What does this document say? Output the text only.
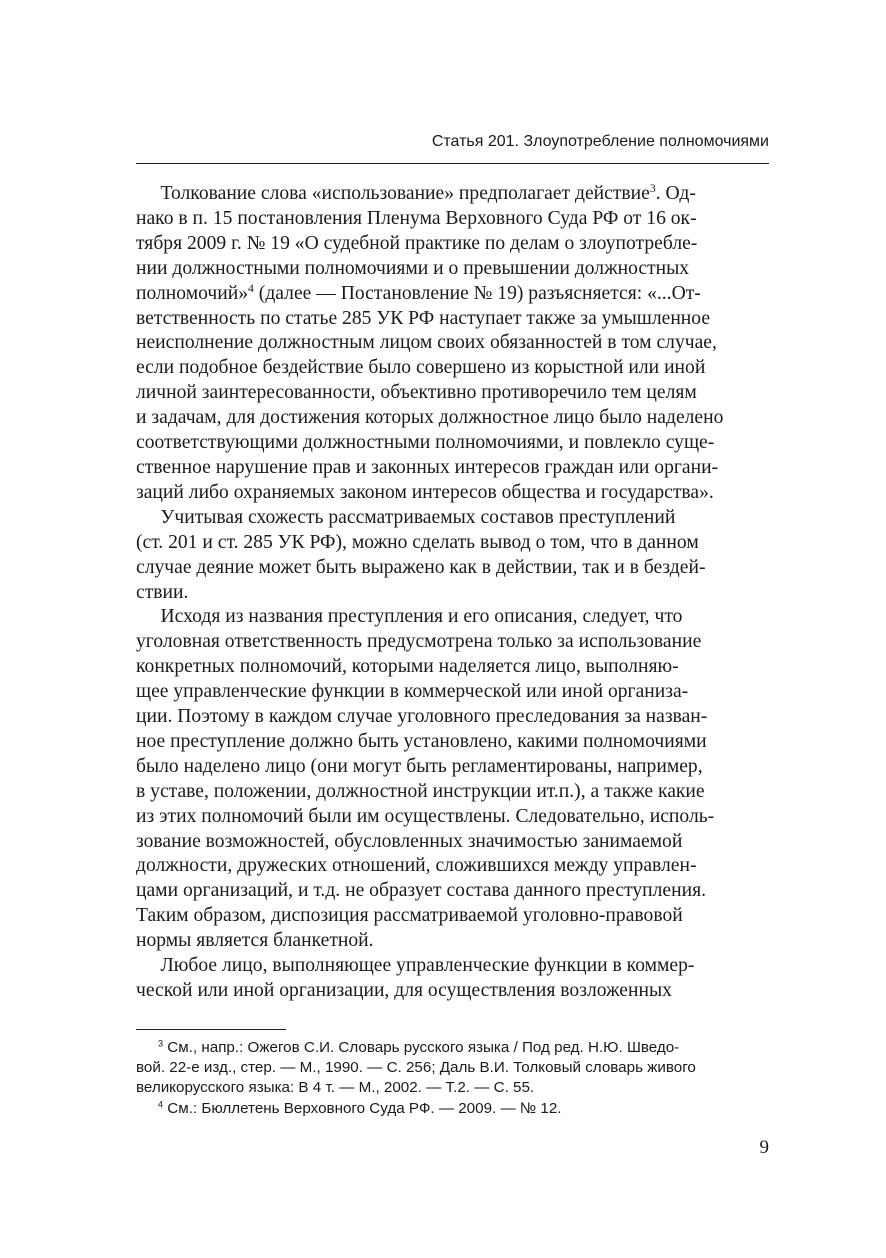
Статья 201. Злоупотребление полномочиями
Толкование слова «использование» предполагает действие$^3$. Од-
нако в п. 15 постановления Пленума Верховного Суда РФ от 16 ок-
тября 2009 г. № 19 «О судебной практике по делам о злоупотребле-
нии должностными полномочиями и о превышении должностных
полномочий»$^4$ (далее — Постановление № 19) разъясняется: «...От-
ветственность по статье 285 УК РФ наступает также за умышленное
неисполнение должностным лицом своих обязанностей в том случае,
если подобное бездействие было совершено из корыстной или иной
личной заинтересованности, объективно противоречило тем целям
и задачам, для достижения которых должностное лицо было наделено
соответствующими должностными полномочиями, и повлекло суще-
ственное нарушение прав и законных интересов граждан или органи-
заций либо охраняемых законом интересов общества и государства».
Учитывая схожесть рассматриваемых составов преступлений
(ст. 201 и ст. 285 УК РФ), можно сделать вывод о том, что в данном
случае деяние может быть выражено как в действии, так и в бездей-
ствии.
Исходя из названия преступления и его описания, следует, что
уголовная ответственность предусмотрена только за использование
конкретных полномочий, которыми наделяется лицо, выполняю-
щее управленческие функции в коммерческой или иной организа-
ции. Поэтому в каждом случае уголовного преследования за назван-
ное преступление должно быть установлено, какими полномочиями
было наделено лицо (они могут быть регламентированы, например,
в уставе, положении, должностной инструкции ит.п.), а также какие
из этих полномочий были им осуществлены. Следовательно, исполь-
зование возможностей, обусловленных значимостью занимаемой
должности, дружеских отношений, сложившихся между управлен-
цами организаций, и т.д. не образует состава данного преступления.
Таким образом, диспозиция рассматриваемой уголовно-правовой
нормы является бланкетной.
Любое лицо, выполняющее управленческие функции в коммер-
ческой или иной организации, для осуществления возложенных
$^3$ См., напр.: Ожегов С.И. Словарь русского языка / Под ред. Н.Ю. Шведо-
вой. 22-е изд., стер. — М., 1990. — С. 256; Даль В.И. Толковый словарь живого
великорусского языка: В 4 т. — М., 2002. — Т.2. — С. 55.
$^4$ См.: Бюллетень Верховного Суда РФ. — 2009. — № 12.
9
